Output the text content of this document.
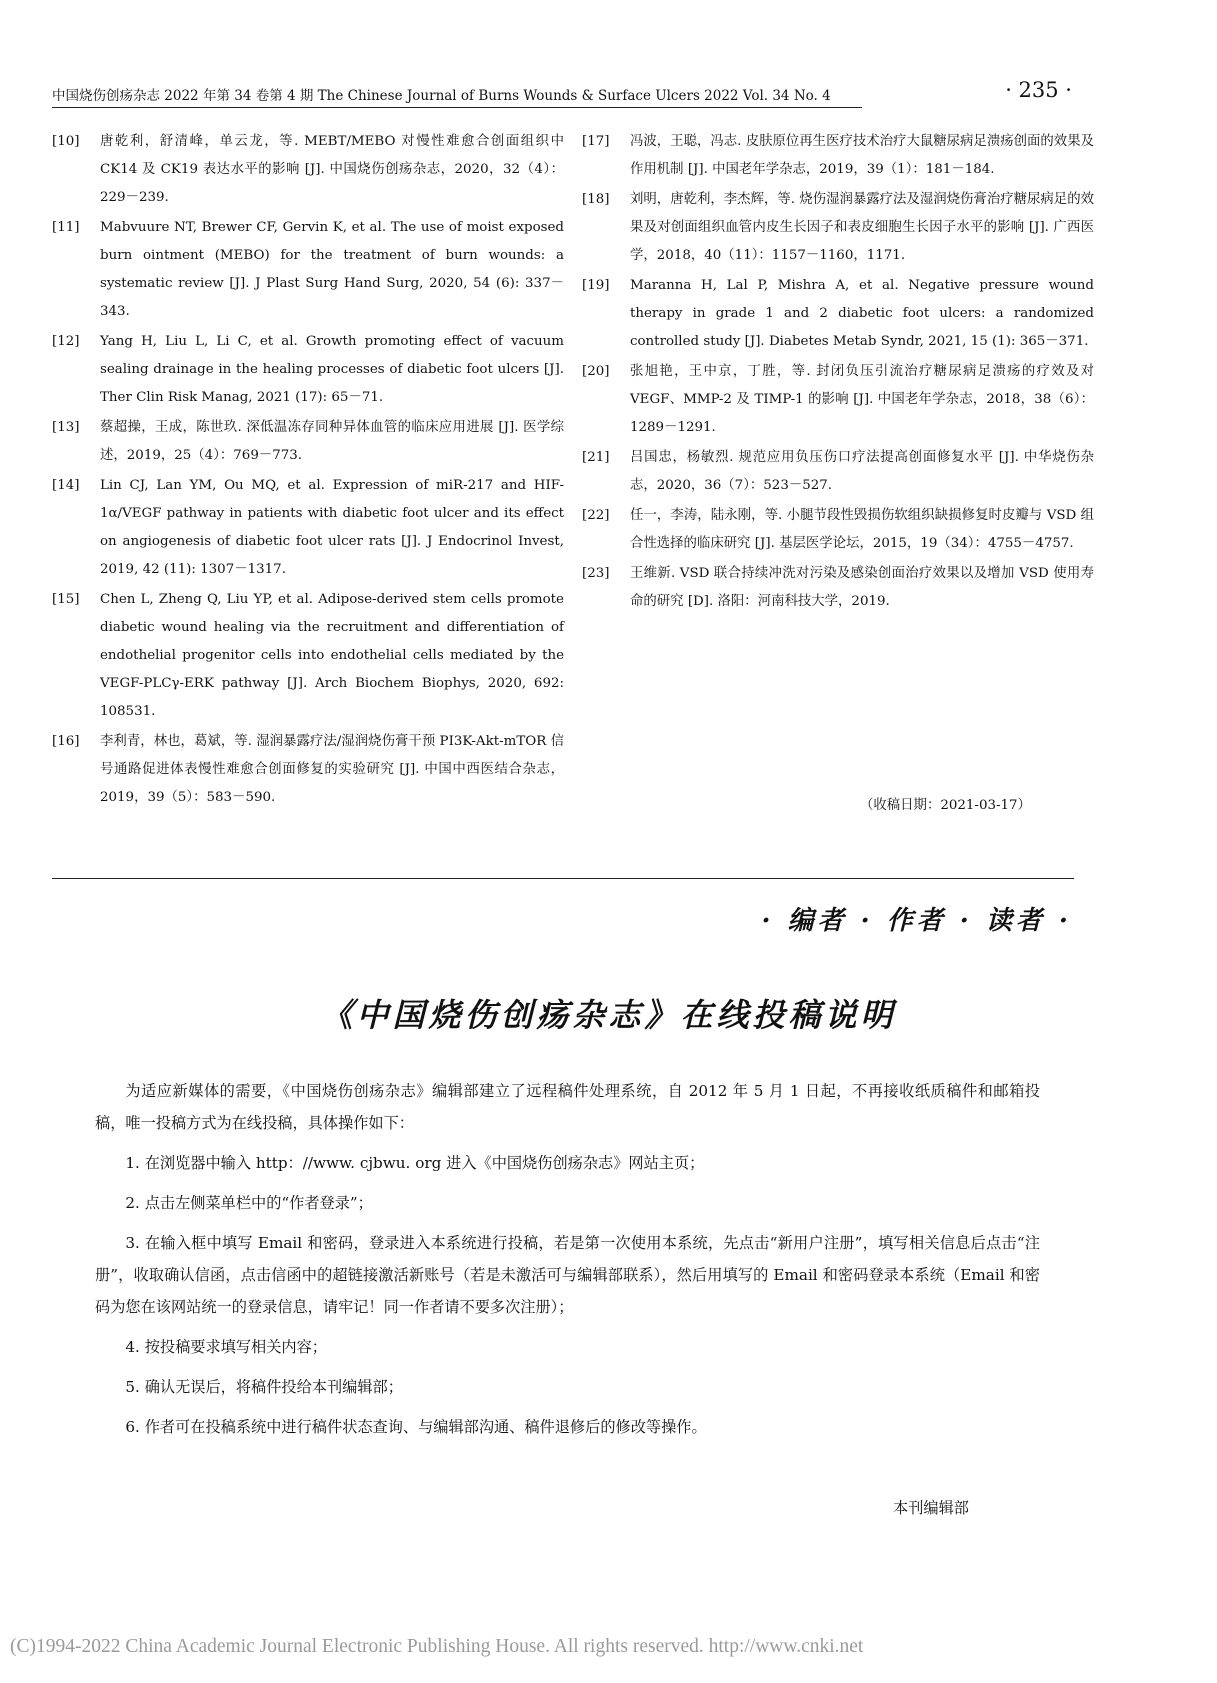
中国烧伤创疡杂志 2022 年第 34 卷第 4 期 The Chinese Journal of Burns Wounds & Surface Ulcers 2022 Vol. 34 No. 4	· 235 ·
[10] 唐乾利，舒清峰，单云龙，等. MEBT/MEBO 对慢性难愈合创面组织中 CK14 及 CK19 表达水平的影响 [J]. 中国烧伤创疡杂志，2020，32（4）：229－239.
[11] Mabvuure NT, Brewer CF, Gervin K, et al. The use of moist exposed burn ointment (MEBO) for the treatment of burn wounds: a systematic review [J]. J Plast Surg Hand Surg, 2020, 54 (6): 337－343.
[12] Yang H, Liu L, Li C, et al. Growth promoting effect of vacuum sealing drainage in the healing processes of diabetic foot ulcers [J]. Ther Clin Risk Manag, 2021 (17): 65－71.
[13] 蔡超操，王成，陈世玖. 深低温冻存同种异体血管的临床应用进展 [J]. 医学综述，2019，25（4）：769－773.
[14] Lin CJ, Lan YM, Ou MQ, et al. Expression of miR-217 and HIF-1α/VEGF pathway in patients with diabetic foot ulcer and its effect on angiogenesis of diabetic foot ulcer rats [J]. J Endocrinol Invest, 2019, 42 (11): 1307－1317.
[15] Chen L, Zheng Q, Liu YP, et al. Adipose-derived stem cells promote diabetic wound healing via the recruitment and differentiation of endothelial progenitor cells into endothelial cells mediated by the VEGF-PLCγ-ERK pathway [J]. Arch Biochem Biophys, 2020, 692: 108531.
[16] 李利青，林也，葛斌，等. 湿润暴露疗法/湿润烧伤膏干预 PI3K-Akt-mTOR 信号通路促进体表慢性难愈合创面修复的实验研究 [J]. 中国中西医结合杂志，2019，39（5）：583－590.
[17] 冯波，王聪，冯志. 皮肤原位再生医疗技术治疗大鼠糖尿病足溃疡创面的效果及作用机制 [J]. 中国老年学杂志，2019，39（1）：181－184.
[18] 刘明，唐乾利，李杰辉，等. 烧伤湿润暴露疗法及湿润烧伤膏治疗糖尿病足的效果及对创面组织血管内皮生长因子和表皮细胞生长因子水平的影响 [J]. 广西医学，2018，40（11）：1157－1160，1171.
[19] Maranna H, Lal P, Mishra A, et al. Negative pressure wound therapy in grade 1 and 2 diabetic foot ulcers: a randomized controlled study [J]. Diabetes Metab Syndr, 2021, 15 (1): 365－371.
[20] 张旭艳，王中京，丁胜，等. 封闭负压引流治疗糖尿病足溃疡的疗效及对 VEGF、MMP-2 及 TIMP-1 的影响 [J]. 中国老年学杂志，2018，38（6）：1289－1291.
[21] 吕国忠，杨敏烈. 规范应用负压伤口疗法提高创面修复水平 [J]. 中华烧伤杂志，2020，36（7）：523－527.
[22] 任一，李涛，陆永刚，等. 小腿节段性毁损伤软组织缺损修复时皮瓣与 VSD 组合性选择的临床研究 [J]. 基层医学论坛，2015，19（34）：4755－4757.
[23] 王维新. VSD 联合持续冲洗对污染及感染创面治疗效果以及增加 VSD 使用寿命的研究 [D]. 洛阳：河南科技大学，2019.
（收稿日期：2021-03-17）
· 编者 · 作者 · 读者 ·
《中国烧伤创疡杂志》在线投稿说明

为适应新媒体的需要，《中国烧伤创疡杂志》编辑部建立了远程稿件处理系统，自 2012 年 5 月 1 日起，不再接收纸质稿件和邮箱投稿，唯一投稿方式为在线投稿，具体操作如下：

1. 在浏览器中输入 http：//www. cjbwu. org 进入《中国烧伤创疡杂志》网站主页；

2. 点击左侧菜单栏中的“作者登录”；

3. 在输入框中填写 Email 和密码，登录进入本系统进行投稿，若是第一次使用本系统，先点击“新用户注册”，填写相关信息后点击“注册”，收取确认信函，点击信函中的超链接激活新账号（若是未激活可与编辑部联系），然后用填写的 Email 和密码登录本系统（Email 和密码为您在该网站统一的登录信息，请牢记！同一作者请不要多次注册）；

4. 按投稿要求填写相关内容；

5. 确认无误后，将稿件投给本刊编辑部；

6. 作者可在投稿系统中进行稿件状态查询、与编辑部沟通、稿件退修后的修改等操作。

本刊编辑部
(C)1994-2022 China Academic Journal Electronic Publishing House. All rights reserved. http://www.cnki.net
